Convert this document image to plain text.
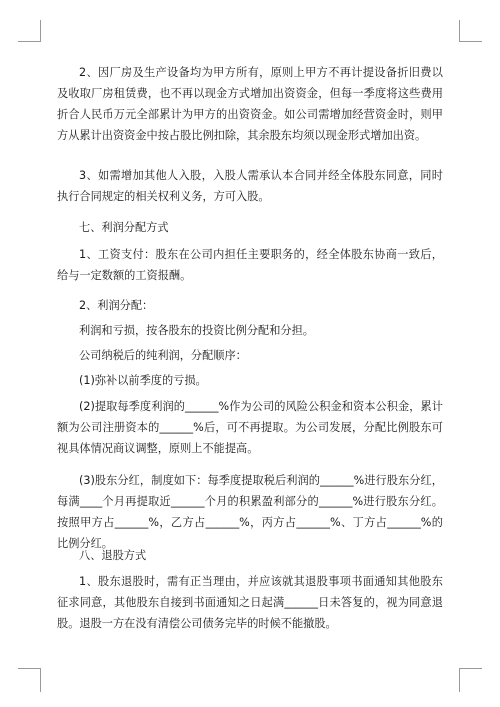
2、因厂房及生产设备均为甲方所有，原则上甲方不再计提设备折旧费以及收取厂房租赁费，也不再以现金方式增加出资资金，但每一季度将这些费用折合人民币万元全部累计为甲方的出资资金。如公司需增加经营资金时，则甲方从累计出资资金中按占股比例扣除，其余股东均须以现金形式增加出资。

3、如需增加其他人入股，入股人需承认本合同并经全体股东同意，同时执行合同规定的相关权利义务，方可入股。

七、利润分配方式

1、工资支付：股东在公司内担任主要职务的，经全体股东协商一致后，给与一定数额的工资报酬。

2、利润分配：

利润和亏损，按各股东的投资比例分配和分担。

公司纳税后的纯利润，分配顺序：

(1)弥补以前季度的亏损。

(2)提取每季度利润的______%作为公司的风险公积金和资本公积金，累计额为公司注册资本的______%后，可不再提取。为公司发展，分配比例股东可视具体情况商议调整，原则上不能提高。

(3)股东分红，制度如下：每季度提取税后利润的______%进行股东分红，每满____个月再提取近______个月的积累盈利部分的______%进行股东分红。按照甲方占______%，乙方占______%，丙方占______%、丁方占______%的比例分红。

八、退股方式

1、股东退股时，需有正当理由，并应该就其退股事项书面通知其他股东征求同意，其他股东自接到书面通知之日起满______日未答复的，视为同意退股。退股一方在没有清偿公司债务完毕的时候不能撤股。
